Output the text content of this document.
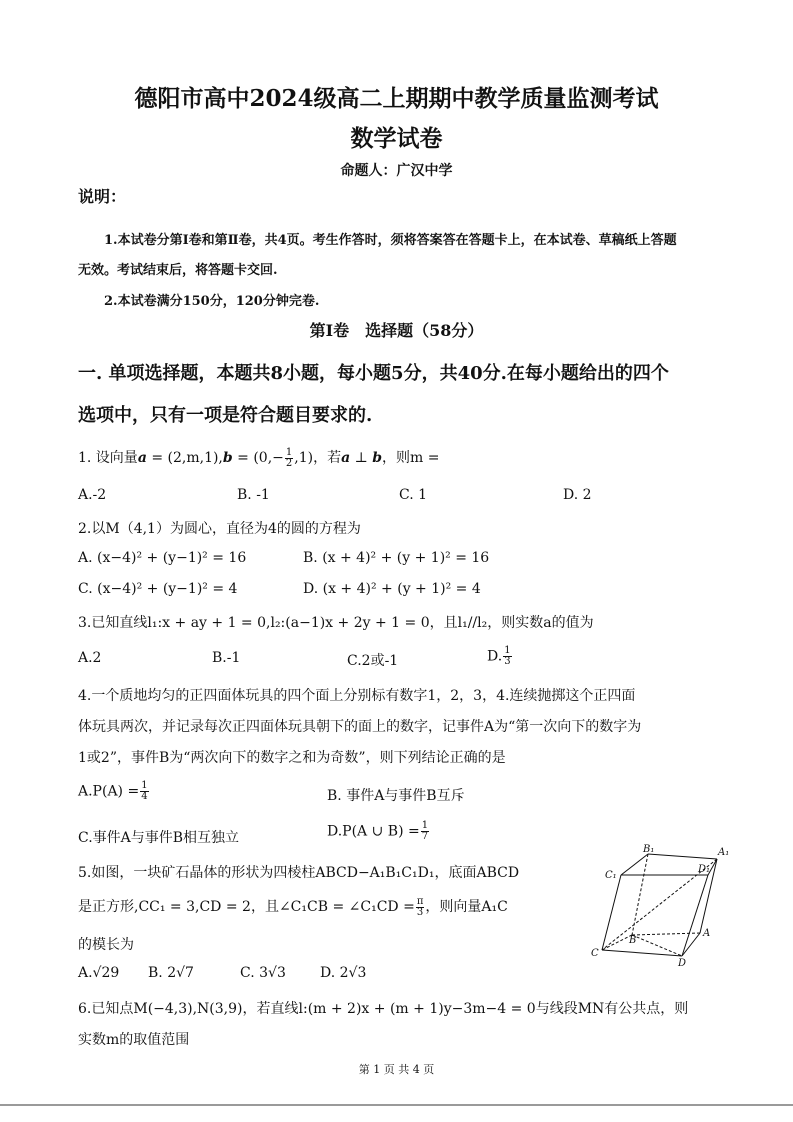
德阳市高中2024级高二上期期中教学质量监测考试
数学试卷
命题人：广汉中学
说明：
1.本试卷分第Ⅰ卷和第Ⅱ卷，共4页。考生作答时，须将答案答在答题卡上，在本试卷、草稿纸上答题
无效。考试结束后，将答题卡交回.
2.本试卷满分150分，120分钟完卷.
第Ⅰ卷　选择题（58分）
一. 单项选择题，本题共8小题，每小题5分，共40分.在每小题给出的四个
选项中，只有一项是符合题目要求的.
1. 设向量$a = (2,m,1),b = (0,- \frac{1}{2} ,1)$，若a ⊥ b，则m =
A.-2	B. -1	C. 1	D. 2
2.以M（4,1）为圆心，直径为4的圆的方程为
A. (x−4)² + (y−1)² = 16	B. (x + 4)² + (y + 1)² = 16
C. (x−4)² + (y−1)² = 4	D. (x + 4)² + (y + 1)² = 4
3.已知直线l₁:x + ay + 1 = 0,l₂:(a−1)x + 2y + 1 = 0，且l₁//l₂，则实数a的值为
A.2	B.-1	C.2或-1	D. $\frac{1}{3}$
4.一个质地均匀的正四面体玩具的四个面上分别标有数字1，2，3，4.连续抛掷这个正四面
体玩具两次，并记录每次正四面体玩具朝下的面上的数字，记事件A为“第一次向下的数字为
1或2”，事件B为“两次向下的数字之和为奇数”，则下列结论正确的是
$A.P(A) = \frac{1}{4}$	B. 事件A与事件B互斥
C.事件A与事件B相互独立	D.P(A ∪ $B) = \frac{1}{7}$
5.如图，一块矿石晶体的形状为四棱柱ABCD−A₁B₁C₁D₁，底面ABCD
是正方形,CC₁ = 3,CD = 2，且∠C₁CB = ∠C₁CD = $\frac{\pi}{3}$ ，则向量A₁C
的模长为
A.√29 B. 2√7	C. 3√3 D. 2√3
B₁	A₁
C₁
D₁
B
A
C
D
6.已知点M(−4,3),N(3,9)，若直线l:(m + 2)x + (m + 1)y−3m−4 = 0与线段MN有公共点，则
实数m的取值范围
第 1 页 共 4 页
